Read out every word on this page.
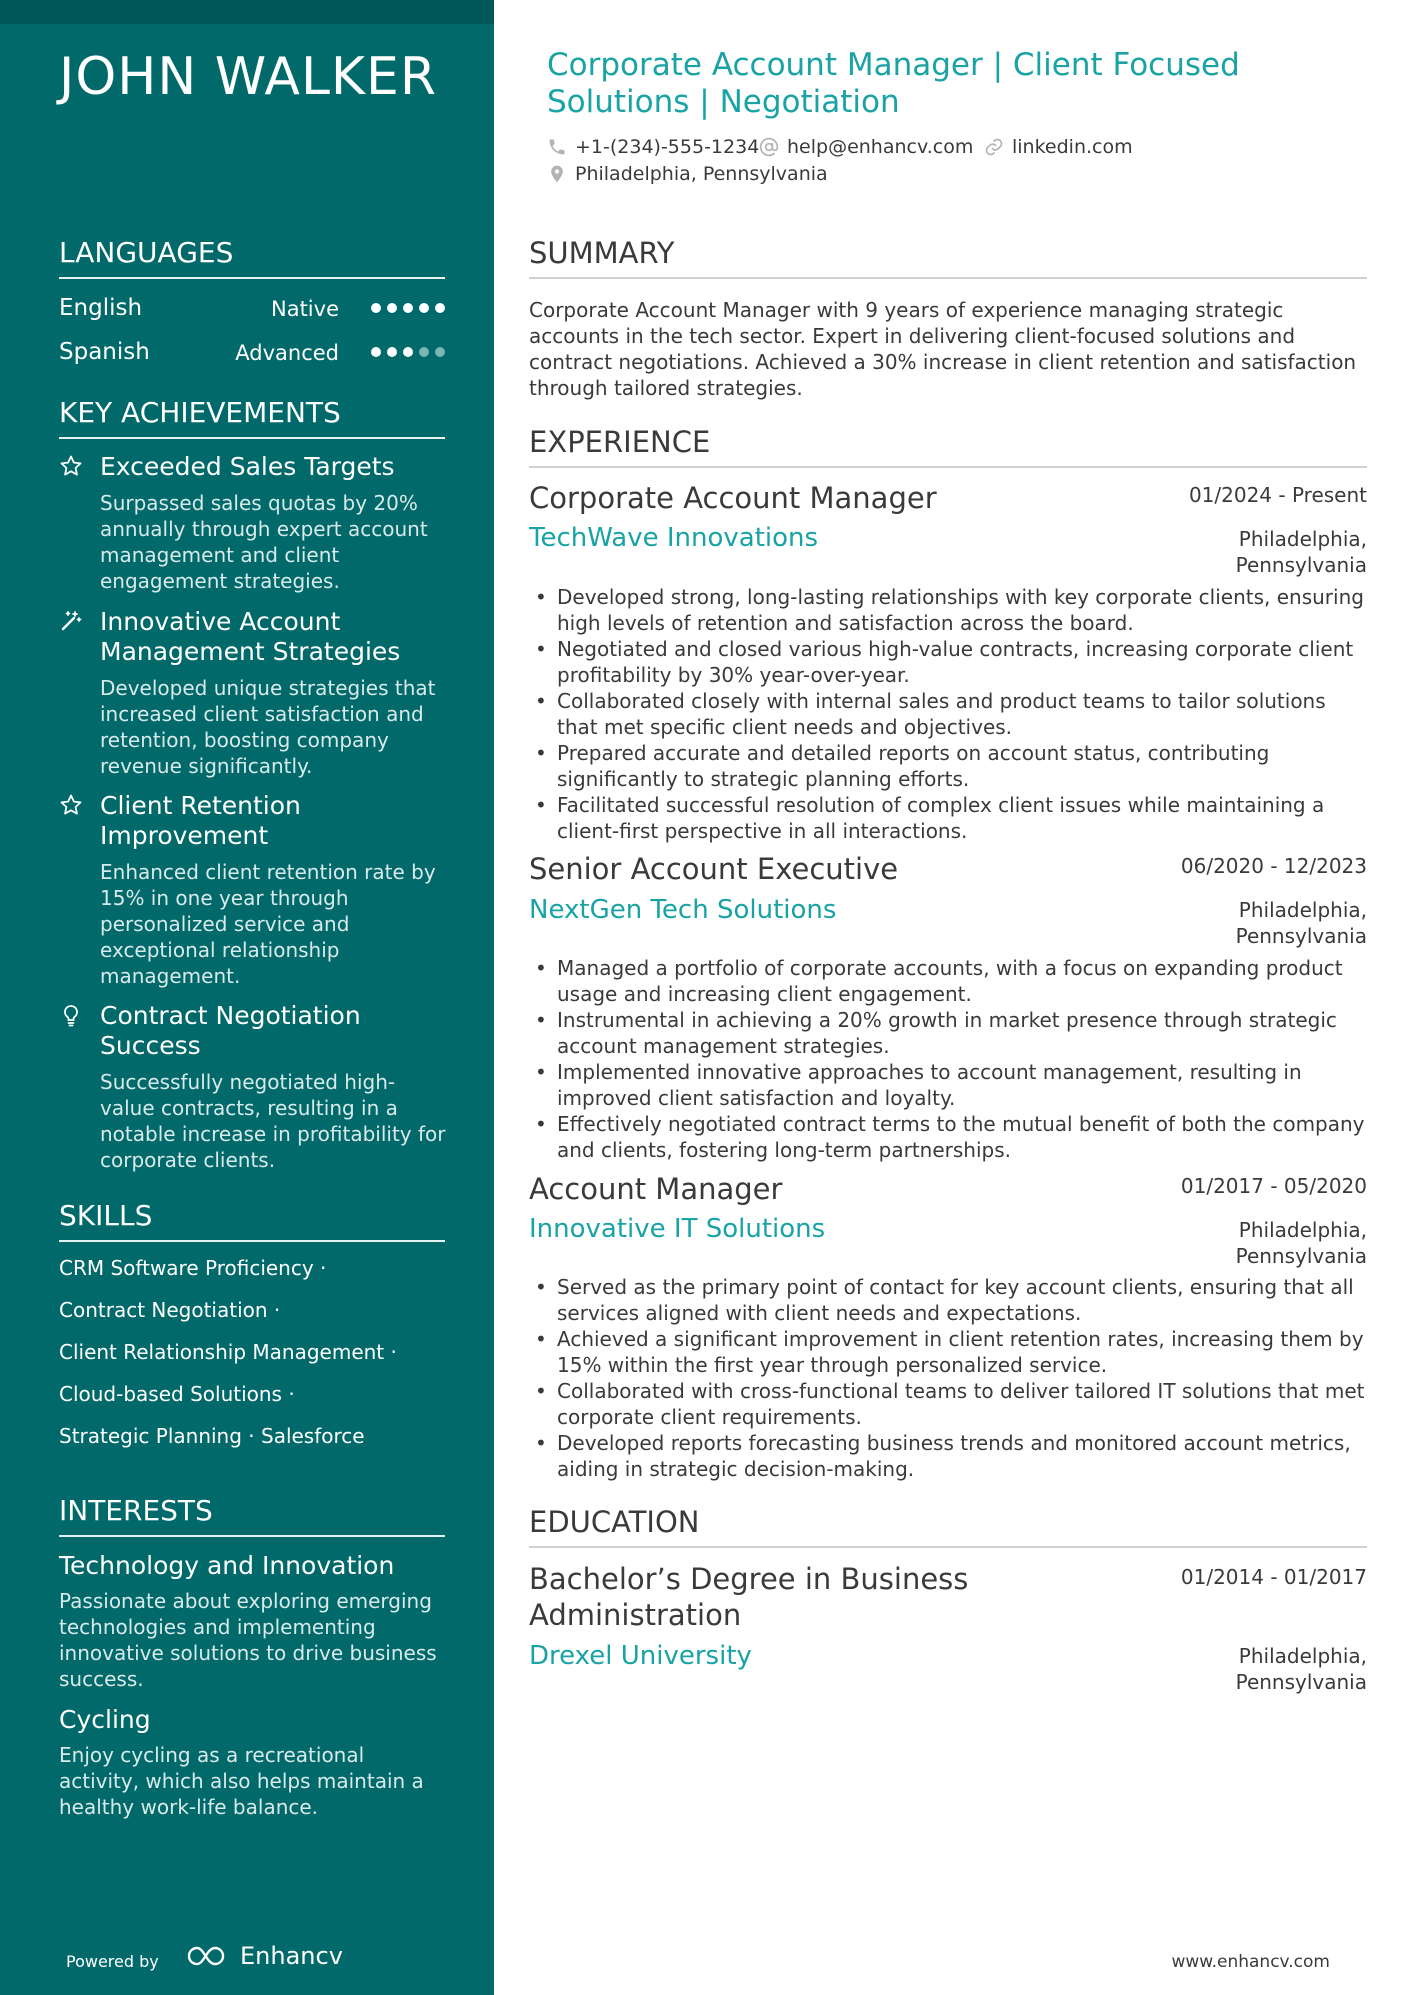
JOHN WALKER
LANGUAGES
English	Native
Spanish	Advanced
KEY ACHIEVEMENTS
Exceeded Sales Targets
Surpassed sales quotas by 20% annually through expert account management and client engagement strategies.
Innovative Account Management Strategies
Developed unique strategies that increased client satisfaction and retention, boosting company revenue significantly.
Client Retention Improvement
Enhanced client retention rate by 15% in one year through personalized service and exceptional relationship management.
Contract Negotiation Success
Successfully negotiated high-value contracts, resulting in a notable increase in profitability for corporate clients.
SKILLS
CRM Software Proficiency ·
Contract Negotiation ·
Client Relationship Management ·
Cloud-based Solutions ·
Strategic Planning · Salesforce
INTERESTS
Technology and Innovation
Passionate about exploring emerging technologies and implementing innovative solutions to drive business success.
Cycling
Enjoy cycling as a recreational activity, which also helps maintain a healthy work-life balance.
Powered by	Enhancv
Corporate Account Manager | Client Focused Solutions | Negotiation
+1-(234)-555-1234 help@enhancv.com linkedin.com
Philadelphia, Pennsylvania
SUMMARY
Corporate Account Manager with 9 years of experience managing strategic accounts in the tech sector. Expert in delivering client-focused solutions and contract negotiations. Achieved a 30% increase in client retention and satisfaction through tailored strategies.
EXPERIENCE
Corporate Account Manager	01/2024 - Present
TechWave Innovations	Philadelphia, Pennsylvania
• Developed strong, long-lasting relationships with key corporate clients, ensuring high levels of retention and satisfaction across the board.
• Negotiated and closed various high-value contracts, increasing corporate client profitability by 30% year-over-year.
• Collaborated closely with internal sales and product teams to tailor solutions that met specific client needs and objectives.
• Prepared accurate and detailed reports on account status, contributing significantly to strategic planning efforts.
• Facilitated successful resolution of complex client issues while maintaining a client-first perspective in all interactions.
Senior Account Executive	06/2020 - 12/2023
NextGen Tech Solutions	Philadelphia, Pennsylvania
• Managed a portfolio of corporate accounts, with a focus on expanding product usage and increasing client engagement.
• Instrumental in achieving a 20% growth in market presence through strategic account management strategies.
• Implemented innovative approaches to account management, resulting in improved client satisfaction and loyalty.
• Effectively negotiated contract terms to the mutual benefit of both the company and clients, fostering long-term partnerships.
Account Manager	01/2017 - 05/2020
Innovative IT Solutions	Philadelphia, Pennsylvania
• Served as the primary point of contact for key account clients, ensuring that all services aligned with client needs and expectations.
• Achieved a significant improvement in client retention rates, increasing them by 15% within the first year through personalized service.
• Collaborated with cross-functional teams to deliver tailored IT solutions that met corporate client requirements.
• Developed reports forecasting business trends and monitored account metrics, aiding in strategic decision-making.
EDUCATION
Bachelor’s Degree in Business Administration
01/2014 - 01/2017
Drexel University	Philadelphia, Pennsylvania
www.enhancv.com
